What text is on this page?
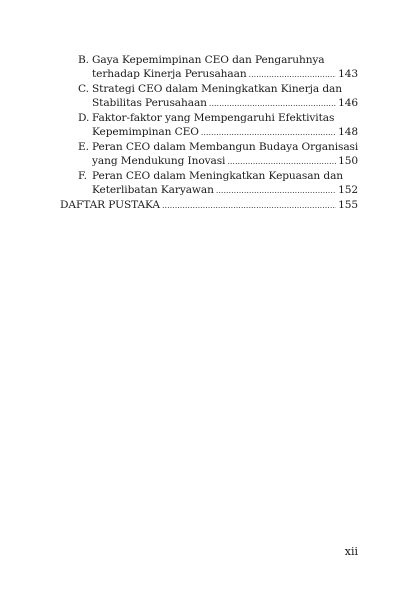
B. Gaya Kepemimpinan CEO dan Pengaruhnya
terhadap Kinerja Perusahaan .....	143
C. Strategi CEO dalam Meningkatkan Kinerja dan
Stabilitas Perusahaan .....	146
D. Faktor-faktor yang Mempengaruhi Efektivitas
Kepemimpinan CEO .....	148
E. Peran CEO dalam Membangun Budaya Organisasi
yang Mendukung Inovasi .....	150
F. Peran CEO dalam Meningkatkan Kepuasan dan
Keterlibatan Karyawan .....	152
DAFTAR PUSTAKA .....	155
xii
